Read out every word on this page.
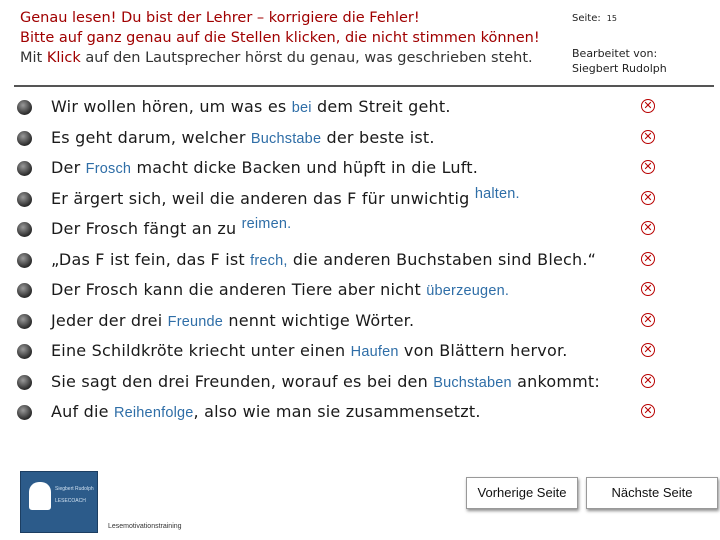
Genau lesen! Du bist der Lehrer – korrigiere die Fehler!
Bitte auf ganz genau auf die Stellen klicken, die nicht stimmen können!
Mit Klick auf den Lautsprecher hörst du genau, was geschrieben steht.
Seite: 15
Bearbeitet von:
Siegbert Rudolph
Wir wollen hören, um was es bei dem Streit geht.	✕
Es geht darum, welcher Buchstabe der beste ist.	✕
Der Frosch macht dicke Backen und hüpft in die Luft.	✕
Er ärgert sich, weil die anderen das F für unwichtig halten.	✕
Der Frosch fängt an zu reimen.	✕
„Das F ist fein, das F ist frech, die anderen Buchstaben sind Blech.“	✕
Der Frosch kann die anderen Tiere aber nicht überzeugen.	✕
Jeder der drei Freunde nennt wichtige Wörter.	✕
Eine Schildkröte kriecht unter einen Haufen von Blättern hervor.	✕
Sie sagt den drei Freunden, worauf es bei den Buchstaben ankommt:	✕
Auf die Reihenfolge, also wie man sie zusammensetzt.	✕
Siegbert Rudolph
LESECOACH
Lesemotivationstraining
Vorherige Seite	Nächste Seite
